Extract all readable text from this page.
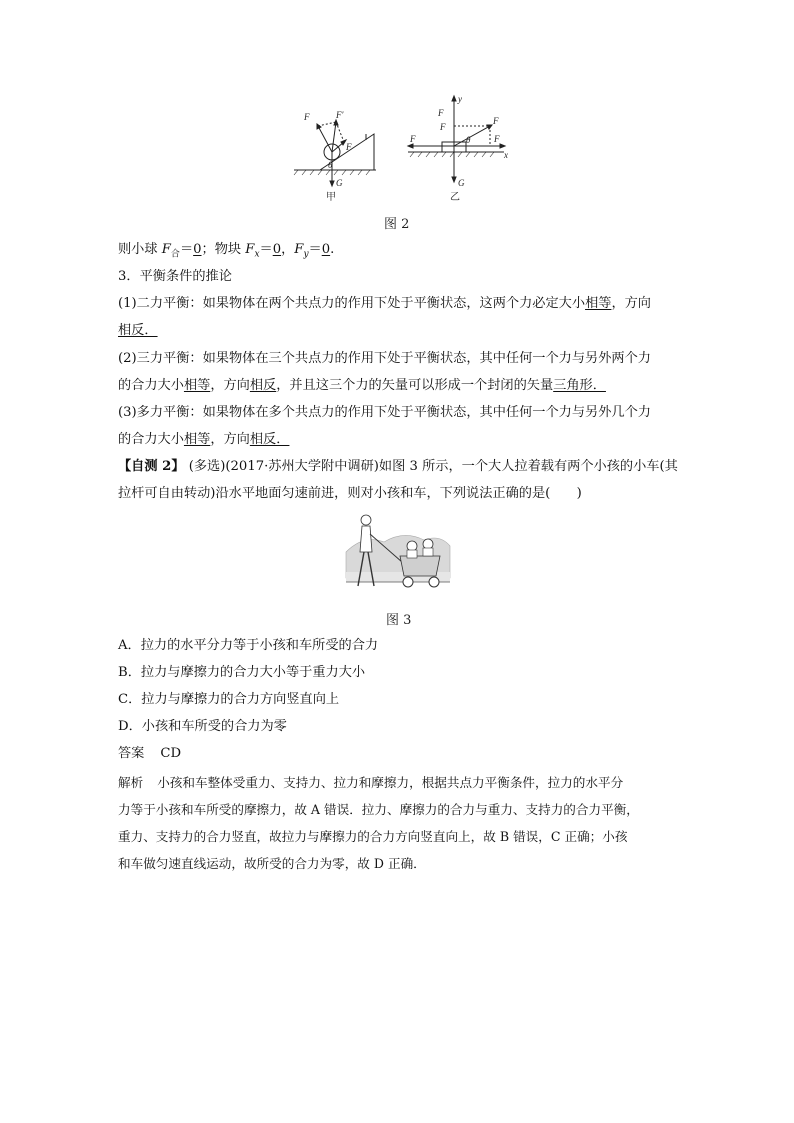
F	F′
F
G
θ
甲
y
F
F
F
θ
F	F
x
G
乙
图 2
则小球 $F_合=0$；物块 $F_x=0$，$F_y=0$.
3．平衡条件的推论
(1)二力平衡：如果物体在两个共点力的作用下处于平衡状态，这两个力必定大小相等，方向
相反．
(2)三力平衡：如果物体在三个共点力的作用下处于平衡状态，其中任何一个力与另外两个力
的合力大小相等，方向相反，并且这三个力的矢量可以形成一个封闭的矢量三角形．
(3)多力平衡：如果物体在多个共点力的作用下处于平衡状态，其中任何一个力与另外几个力
的合力大小相等，方向相反．
【自测 2】 (多选)(2017·苏州大学附中调研)如图 3 所示，一个大人拉着载有两个小孩的小车(其
拉杆可自由转动)沿水平地面匀速前进，则对小孩和车，下列说法正确的是(　　)
图 3
A．拉力的水平分力等于小孩和车所受的合力
B．拉力与摩擦力的合力大小等于重力大小
C．拉力与摩擦力的合力方向竖直向上
D．小孩和车所受的合力为零
答案 CD
解析 小孩和车整体受重力、支持力、拉力和摩擦力，根据共点力平衡条件，拉力的水平分
力等于小孩和车所受的摩擦力，故 A 错误．拉力、摩擦力的合力与重力、支持力的合力平衡，
重力、支持力的合力竖直，故拉力与摩擦力的合力方向竖直向上，故 B 错误，C 正确；小孩
和车做匀速直线运动，故所受的合力为零，故 D 正确．
